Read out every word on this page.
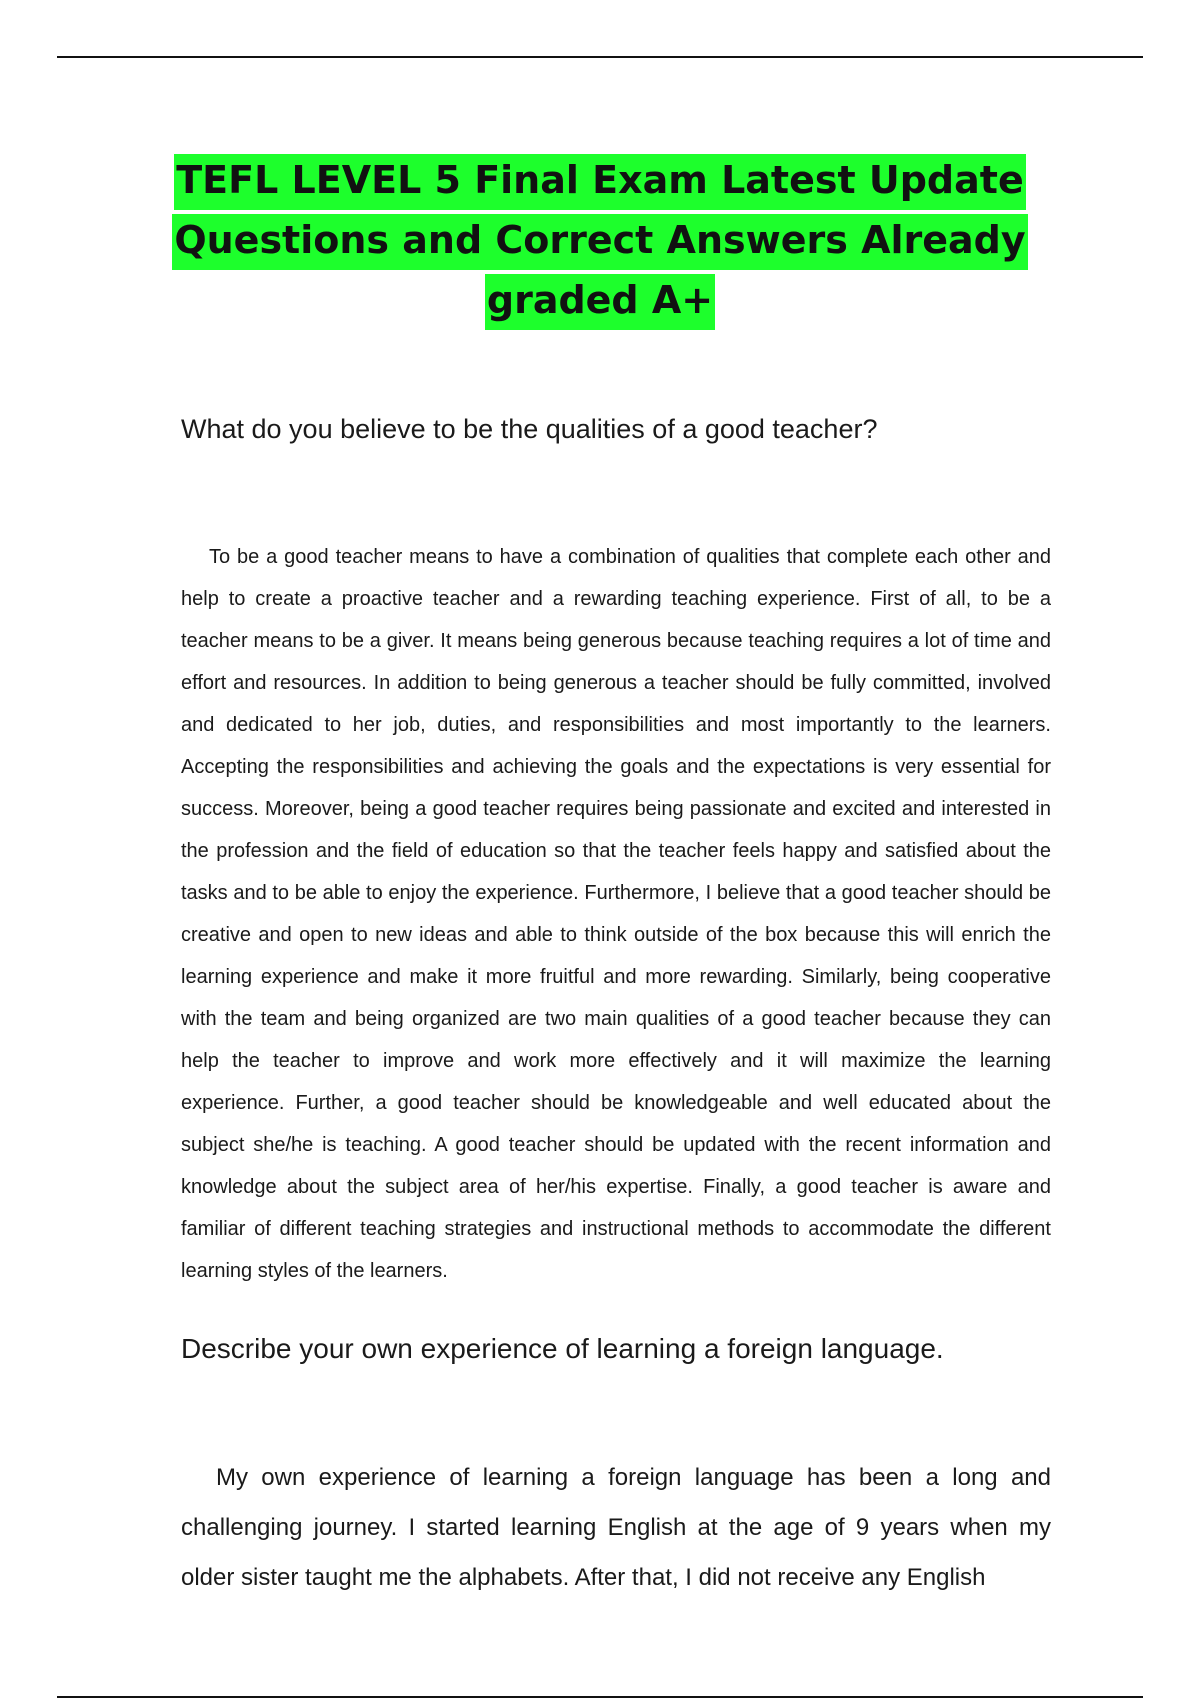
TEFL LEVEL 5 Final Exam Latest Update
Questions and Correct Answers Already
graded A+
What do you believe to be the qualities of a good teacher?

To be a good teacher means to have a combination of qualities that complete each other and help to create a proactive teacher and a rewarding teaching experience. First of all, to be a teacher means to be a giver. It means being generous because teaching requires a lot of time and effort and resources. In addition to being generous a teacher should be fully committed, involved and dedicated to her job, duties, and responsibilities and most importantly to the learners. Accepting the responsibilities and achieving the goals and the expectations is very essential for success. Moreover, being a good teacher requires being passionate and excited and interested in the profession and the field of education so that the teacher feels happy and satisfied about the tasks and to be able to enjoy the experience. Furthermore, I believe that a good teacher should be creative and open to new ideas and able to think outside of the box because this will enrich the learning experience and make it more fruitful and more rewarding. Similarly, being cooperative with the team and being organized are two main qualities of a good teacher because they can help the teacher to improve and work more effectively and it will maximize the learning experience. Further, a good teacher should be knowledgeable and well educated about the subject she/he is teaching. A good teacher should be updated with the recent information and knowledge about the subject area of her/his expertise. Finally, a good teacher is aware and familiar of different teaching strategies and instructional methods to accommodate the different learning styles of the learners.

Describe your own experience of learning a foreign language.

My own experience of learning a foreign language has been a long and challenging journey. I started learning English at the age of 9 years when my older sister taught me the alphabets. After that, I did not receive any English
